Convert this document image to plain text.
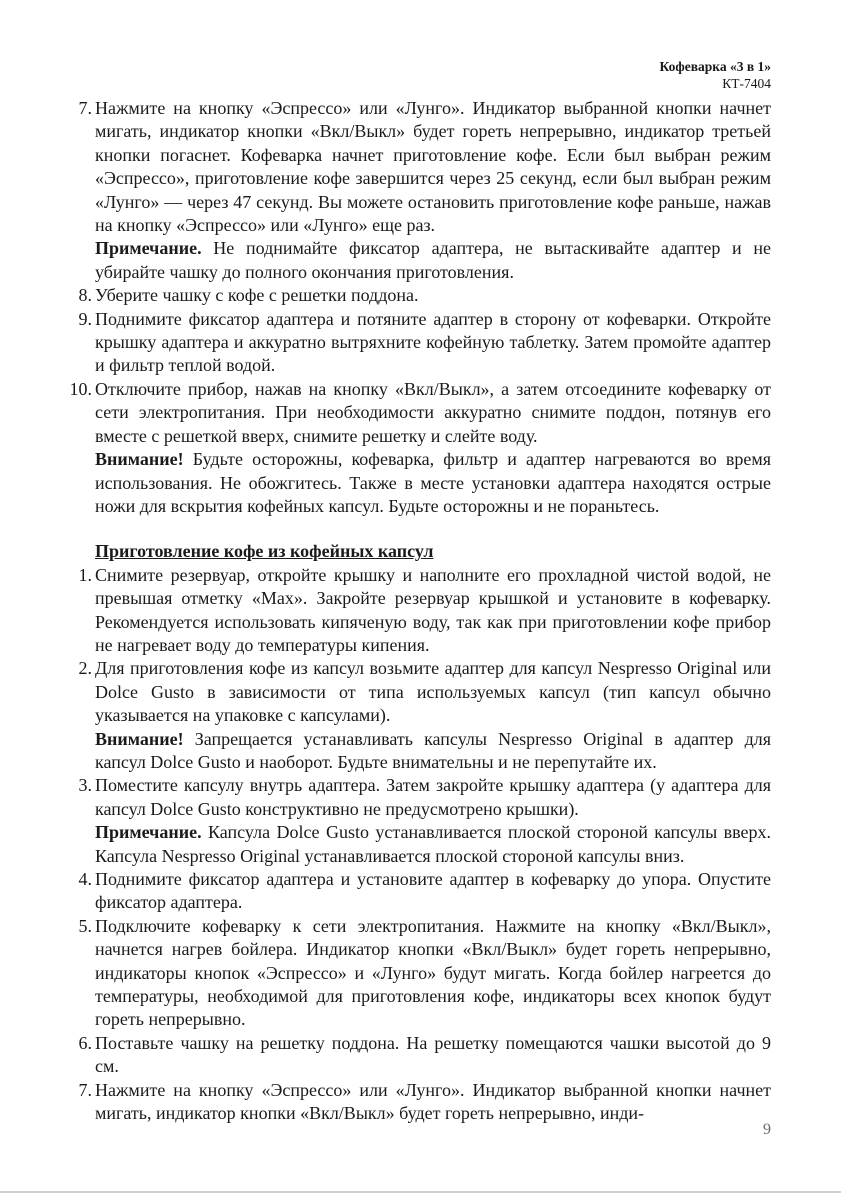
Кофеварка «3 в 1»
КТ-7404
7. Нажмите на кнопку «Эспрессо» или «Лунго». Индикатор выбранной кнопки начнет мигать, индикатор кнопки «Вкл/Выкл» будет гореть непрерывно, индикатор третьей кнопки погаснет. Кофеварка начнет приготовление кофе. Если был выбран режим «Эспрессо», приготовление кофе завершится через 25 секунд, если был выбран режим «Лунго» — через 47 секунд. Вы можете остановить приготовление кофе раньше, нажав на кнопку «Эспрессо» или «Лунго» еще раз.
Примечание. Не поднимайте фиксатор адаптера, не вытаскивайте адаптер и не убирайте чашку до полного окончания приготовления.
8. Уберите чашку с кофе с решетки поддона.
9. Поднимите фиксатор адаптера и потяните адаптер в сторону от кофеварки. Откройте крышку адаптера и аккуратно вытряхните кофейную таблетку. Затем промойте адаптер и фильтр теплой водой.
10. Отключите прибор, нажав на кнопку «Вкл/Выкл», а затем отсоедините кофеварку от сети электропитания. При необходимости аккуратно снимите поддон, потянув его вместе с решеткой вверх, снимите решетку и слейте воду.
Внимание! Будьте осторожны, кофеварка, фильтр и адаптер нагреваются во время использования. Не обожгитесь. Также в месте установки адаптера находятся острые ножи для вскрытия кофейных капсул. Будьте осторожны и не пораньтесь.
Приготовление кофе из кофейных капсул
1. Снимите резервуар, откройте крышку и наполните его прохладной чистой водой, не превышая отметку «Мах». Закройте резервуар крышкой и установите в кофеварку. Рекомендуется использовать кипяченую воду, так как при приготовлении кофе прибор не нагревает воду до температуры кипения.
2. Для приготовления кофе из капсул возьмите адаптер для капсул Nespresso Original или Dolce Gusto в зависимости от типа используемых капсул (тип капсул обычно указывается на упаковке с капсулами).
Внимание! Запрещается устанавливать капсулы Nespresso Original в адаптер для капсул Dolce Gusto и наоборот. Будьте внимательны и не перепутайте их.
3. Поместите капсулу внутрь адаптера. Затем закройте крышку адаптера (у адаптера для капсул Dolce Gusto конструктивно не предусмотрено крышки).
Примечание. Капсула Dolce Gusto устанавливается плоской стороной капсулы вверх. Капсула Nespresso Original устанавливается плоской стороной капсулы вниз.
4. Поднимите фиксатор адаптера и установите адаптер в кофеварку до упора. Опустите фиксатор адаптера.
5. Подключите кофеварку к сети электропитания. Нажмите на кнопку «Вкл/Выкл», начнется нагрев бойлера. Индикатор кнопки «Вкл/Выкл» будет гореть непрерывно, индикаторы кнопок «Эспрессо» и «Лунго» будут мигать. Когда бойлер нагреется до температуры, необходимой для приготовления кофе, индикаторы всех кнопок будут гореть непрерывно.
6. Поставьте чашку на решетку поддона. На решетку помещаются чашки высотой до 9 см.
7. Нажмите на кнопку «Эспрессо» или «Лунго». Индикатор выбранной кнопки начнет мигать, индикатор кнопки «Вкл/Выкл» будет гореть непрерывно, инди-
9
